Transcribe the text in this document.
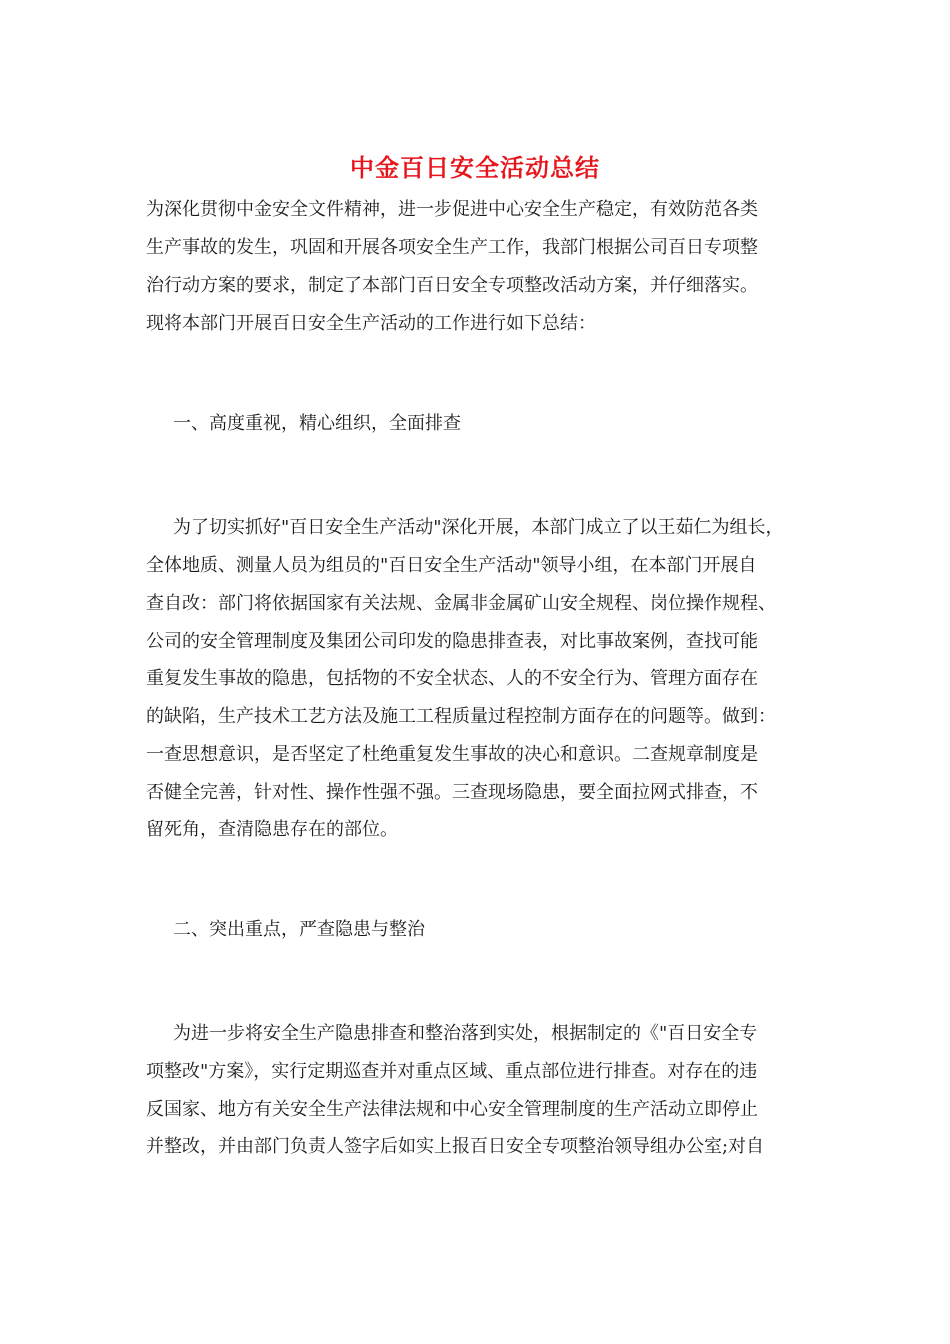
中金百日安全活动总结
为深化贯彻中金安全文件精神，进一步促进中心安全生产稳定，有效防范各类
生产事故的发生，巩固和开展各项安全生产工作，我部门根据公司百日专项整
治行动方案的要求，制定了本部门百日安全专项整改活动方案，并仔细落实。
现将本部门开展百日安全生产活动的工作进行如下总结：
一、高度重视，精心组织，全面排查
为了切实抓好"百日安全生产活动"深化开展，本部门成立了以王茹仁为组长，
全体地质、测量人员为组员的"百日安全生产活动"领导小组，在本部门开展自
查自改：部门将依据国家有关法规、金属非金属矿山安全规程、岗位操作规程、
公司的安全管理制度及集团公司印发的隐患排查表，对比事故案例，查找可能
重复发生事故的隐患，包括物的不安全状态、人的不安全行为、管理方面存在
的缺陷，生产技术工艺方法及施工工程质量过程控制方面存在的问题等。做到：
一查思想意识，是否坚定了杜绝重复发生事故的决心和意识。二查规章制度是
否健全完善，针对性、操作性强不强。三查现场隐患，要全面拉网式排查，不
留死角，查清隐患存在的部位。
二、突出重点，严查隐患与整治
为进一步将安全生产隐患排查和整治落到实处，根据制定的《"百日安全专
项整改"方案》，实行定期巡查并对重点区域、重点部位进行排查。对存在的违
反国家、地方有关安全生产法律法规和中心安全管理制度的生产活动立即停止
并整改，并由部门负责人签字后如实上报百日安全专项整治领导组办公室;对自
